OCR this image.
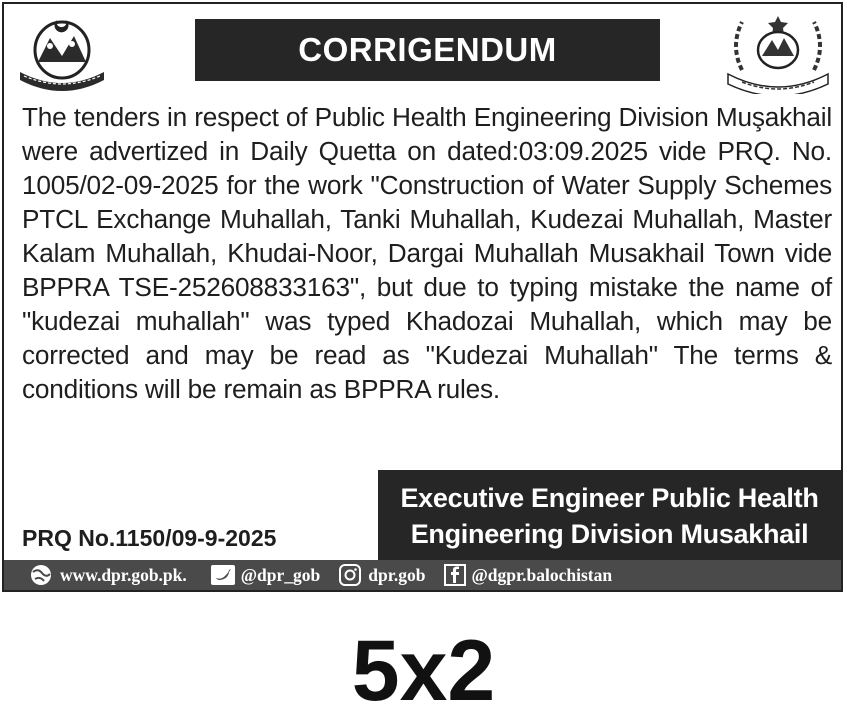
CORRIGENDUM
The tenders in respect of Public Health Engineering Division Muşakhail were advertized in Daily Quetta on dated:03:09.2025 vide PRQ. No. 1005/02-09-2025 for the work "Construction of Water Supply Schemes PTCL Exchange Muhallah, Tanki Muhallah, Kudezai Muhallah, Master Kalam Muhallah, Khudai-Noor, Dargai Muhallah Musakhail Town vide BPPRA TSE-252608833163", but due to typing mistake the name of "kudezai muhallah" was typed Khadozai Muhallah, which may be corrected and may be read as "Kudezai Muhallah" The terms & conditions will be remain as BPPRA rules.
PRQ No.1150/09-9-2025
Executive Engineer Public Health
Engineering Division Musakhail
www.dpr.gob.pk.	@dpr_gob	dpr.gob	@dgpr.balochistan
5x2
